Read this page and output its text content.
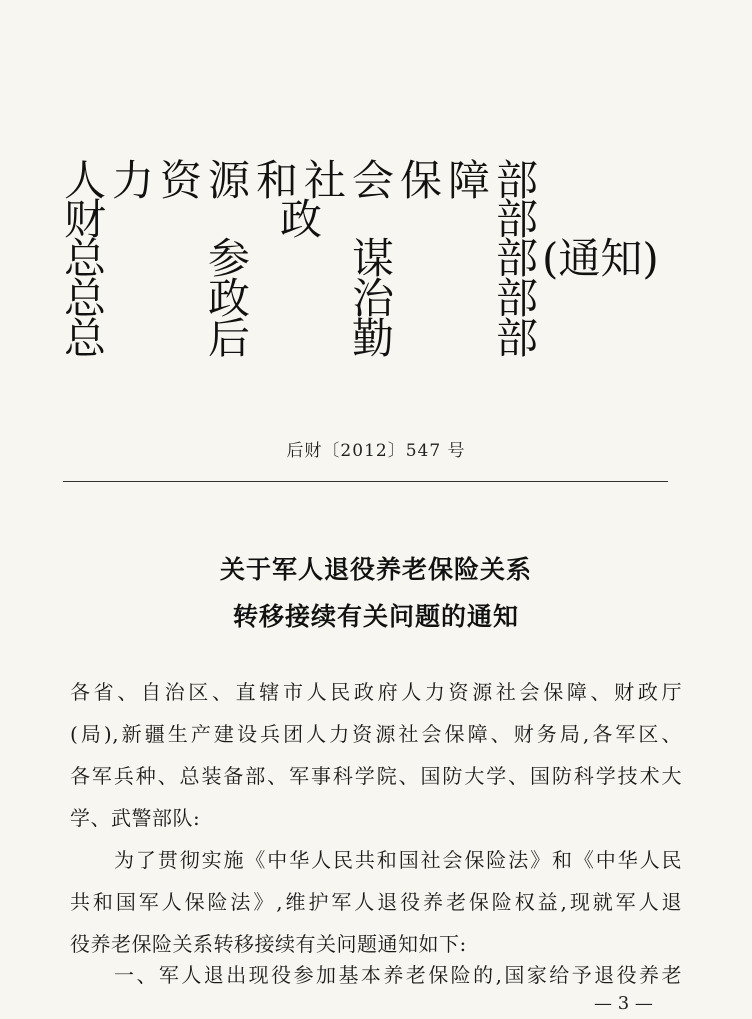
人 力 资 源 和 社 会 保 障 部
财	政	部
总 参 谋 部 (通知)
总 政 治 部
总 后 勤 部
后财〔2012〕547 号
关于军人退役养老保险关系
转移接续有关问题的通知
各省、自治区、直辖市人民政府人力资源社会保障、财政厅
(局),新疆生产建设兵团人力资源社会保障、财务局,各军区、
各军兵种、总装备部、军事科学院、国防大学、国防科学技术大
学、武警部队:
为了贯彻实施《中华人民共和国社会保险法》和《中华人民
共和国军人保险法》,维护军人退役养老保险权益,现就军人退
役养老保险关系转移接续有关问题通知如下:
一、军人退出现役参加基本养老保险的,国家给予退役养老
— 3 —
